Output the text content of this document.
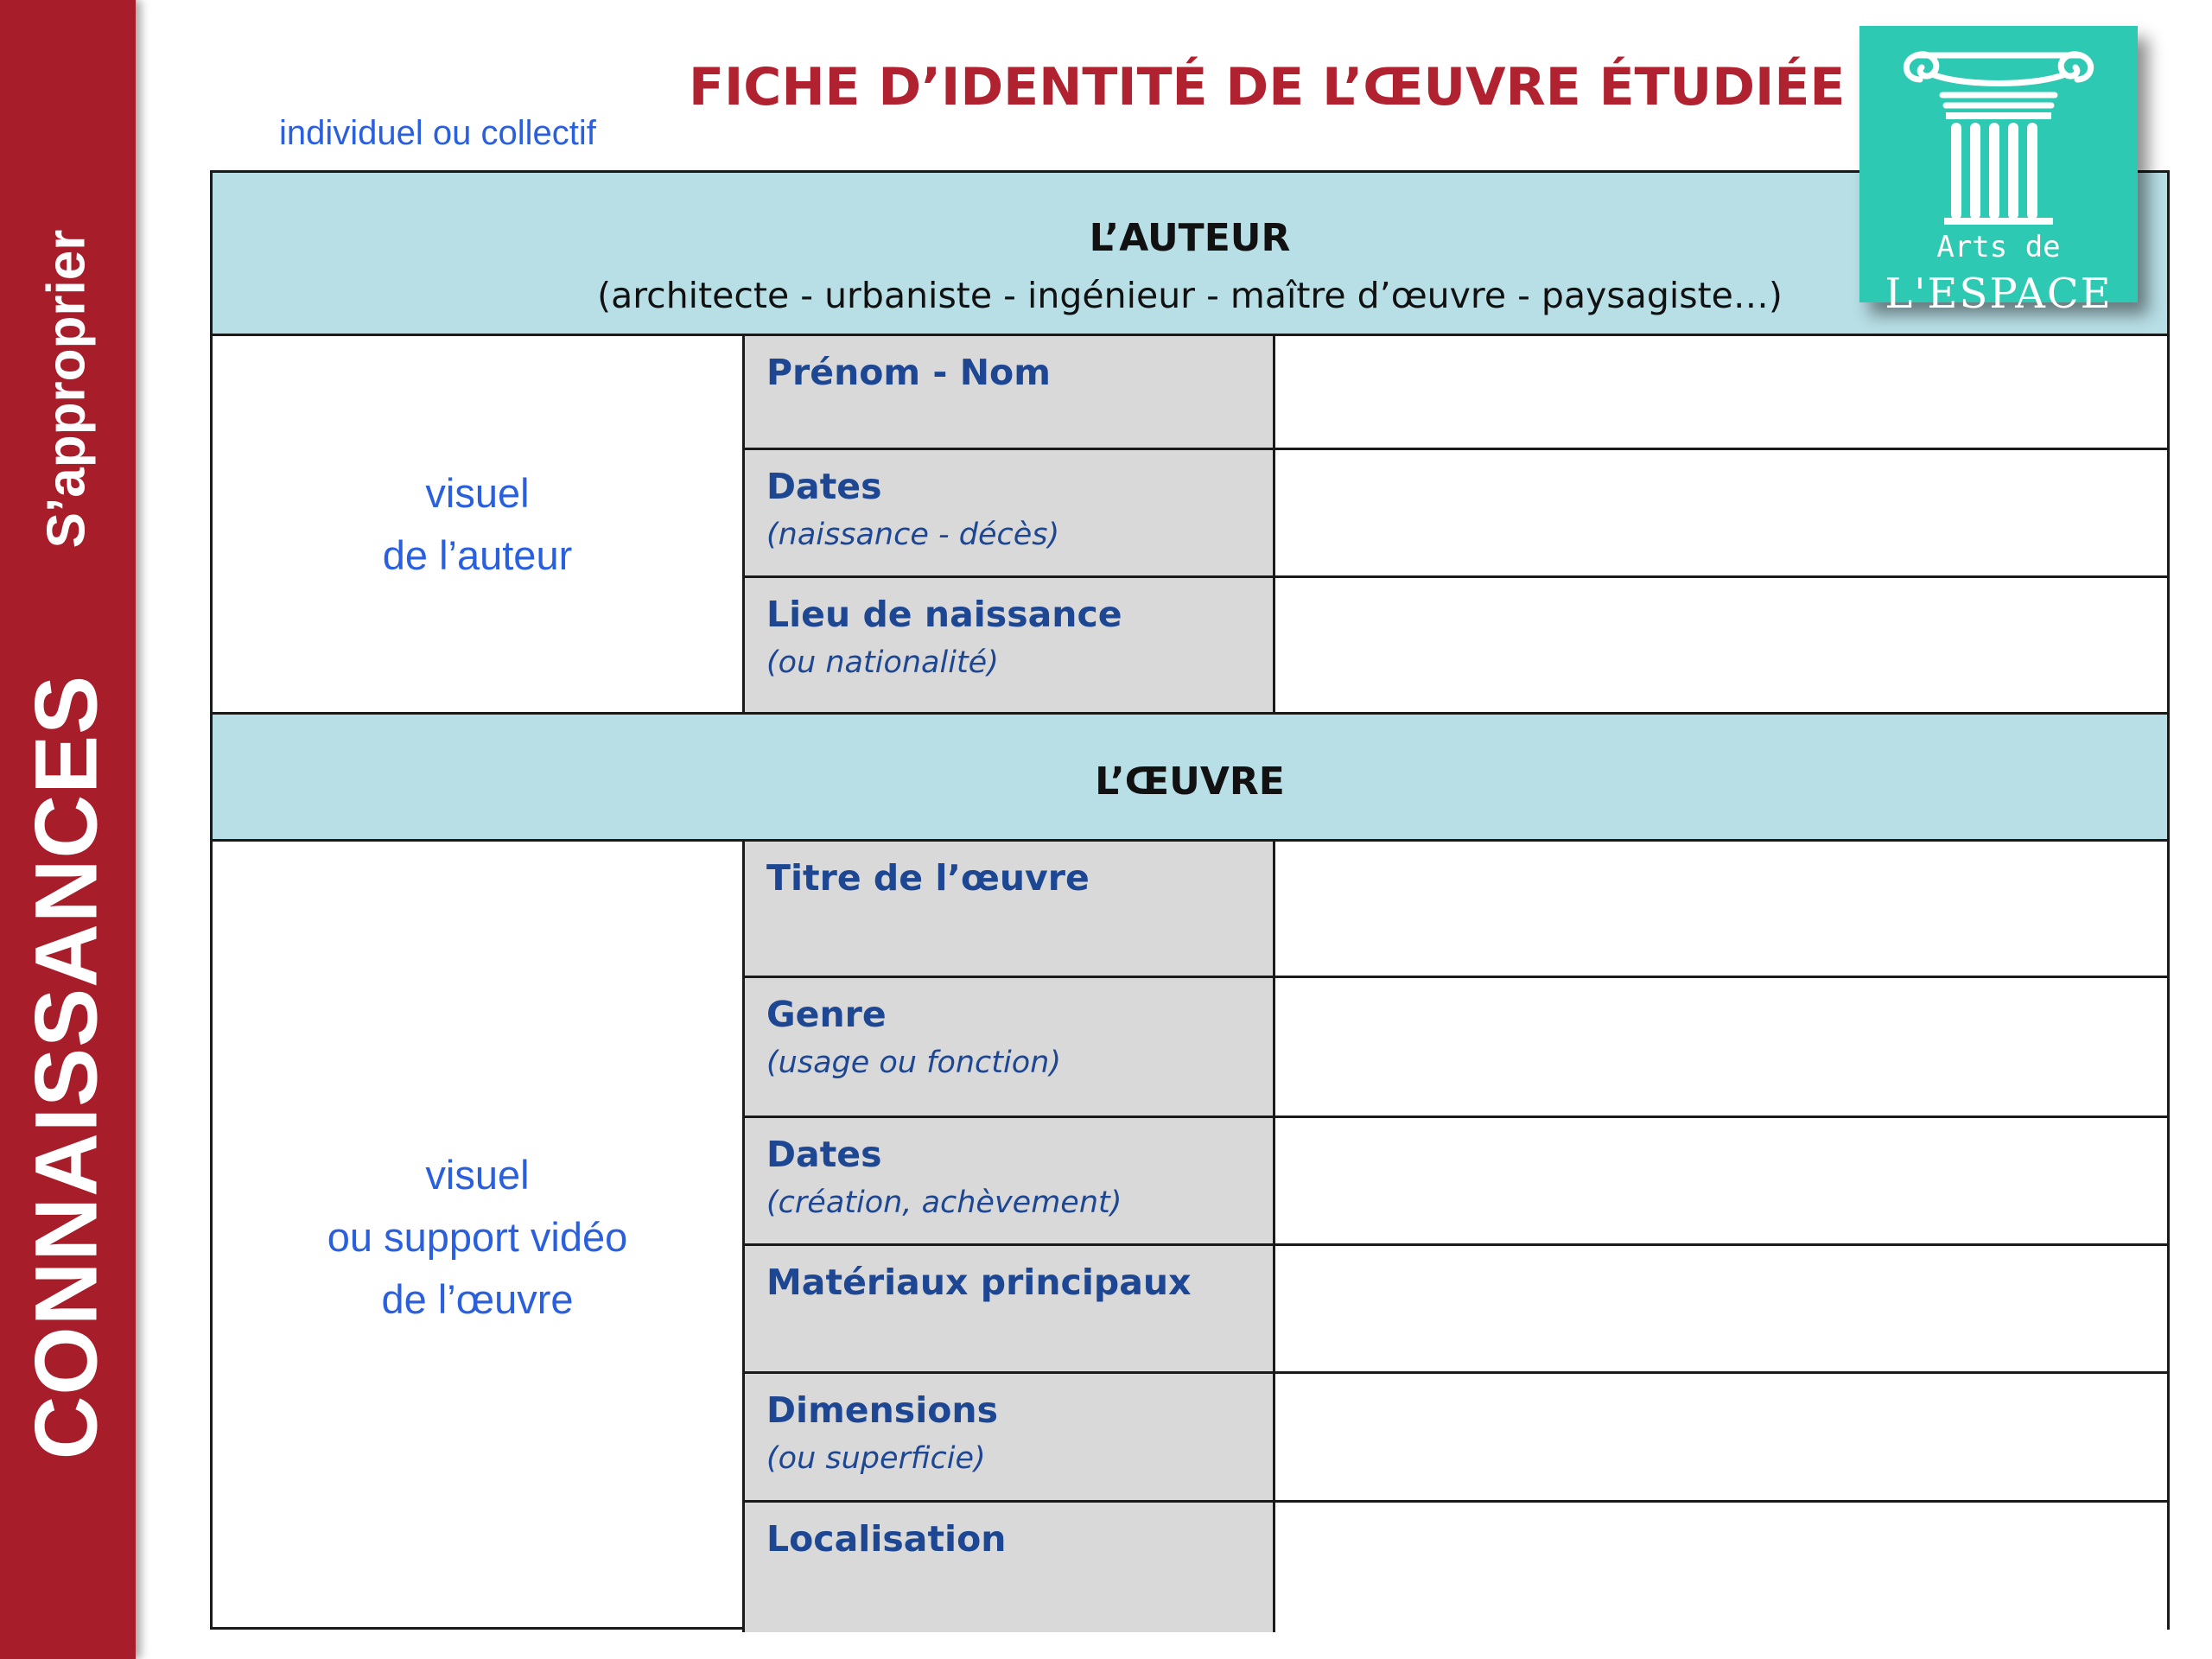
CONNAISSANCES
S’approprier
individuel ou collectif
FICHE D’IDENTITÉ DE L’ŒUVRE ÉTUDIÉE
Arts de
L'ESPACE
L’AUTEUR
(architecte - urbaniste - ingénieur - maître d’œuvre - paysagiste…)
visuel
de l’auteur
Prénom - Nom
Dates
(naissance - décès)
Lieu de naissance
(ou nationalité)
L’ŒUVRE
visuel
ou support vidéo
de l’œuvre
Titre de l’œuvre
Genre
(usage ou fonction)
Dates
(création, achèvement)
Matériaux principaux
Dimensions
(ou superficie)
Localisation
